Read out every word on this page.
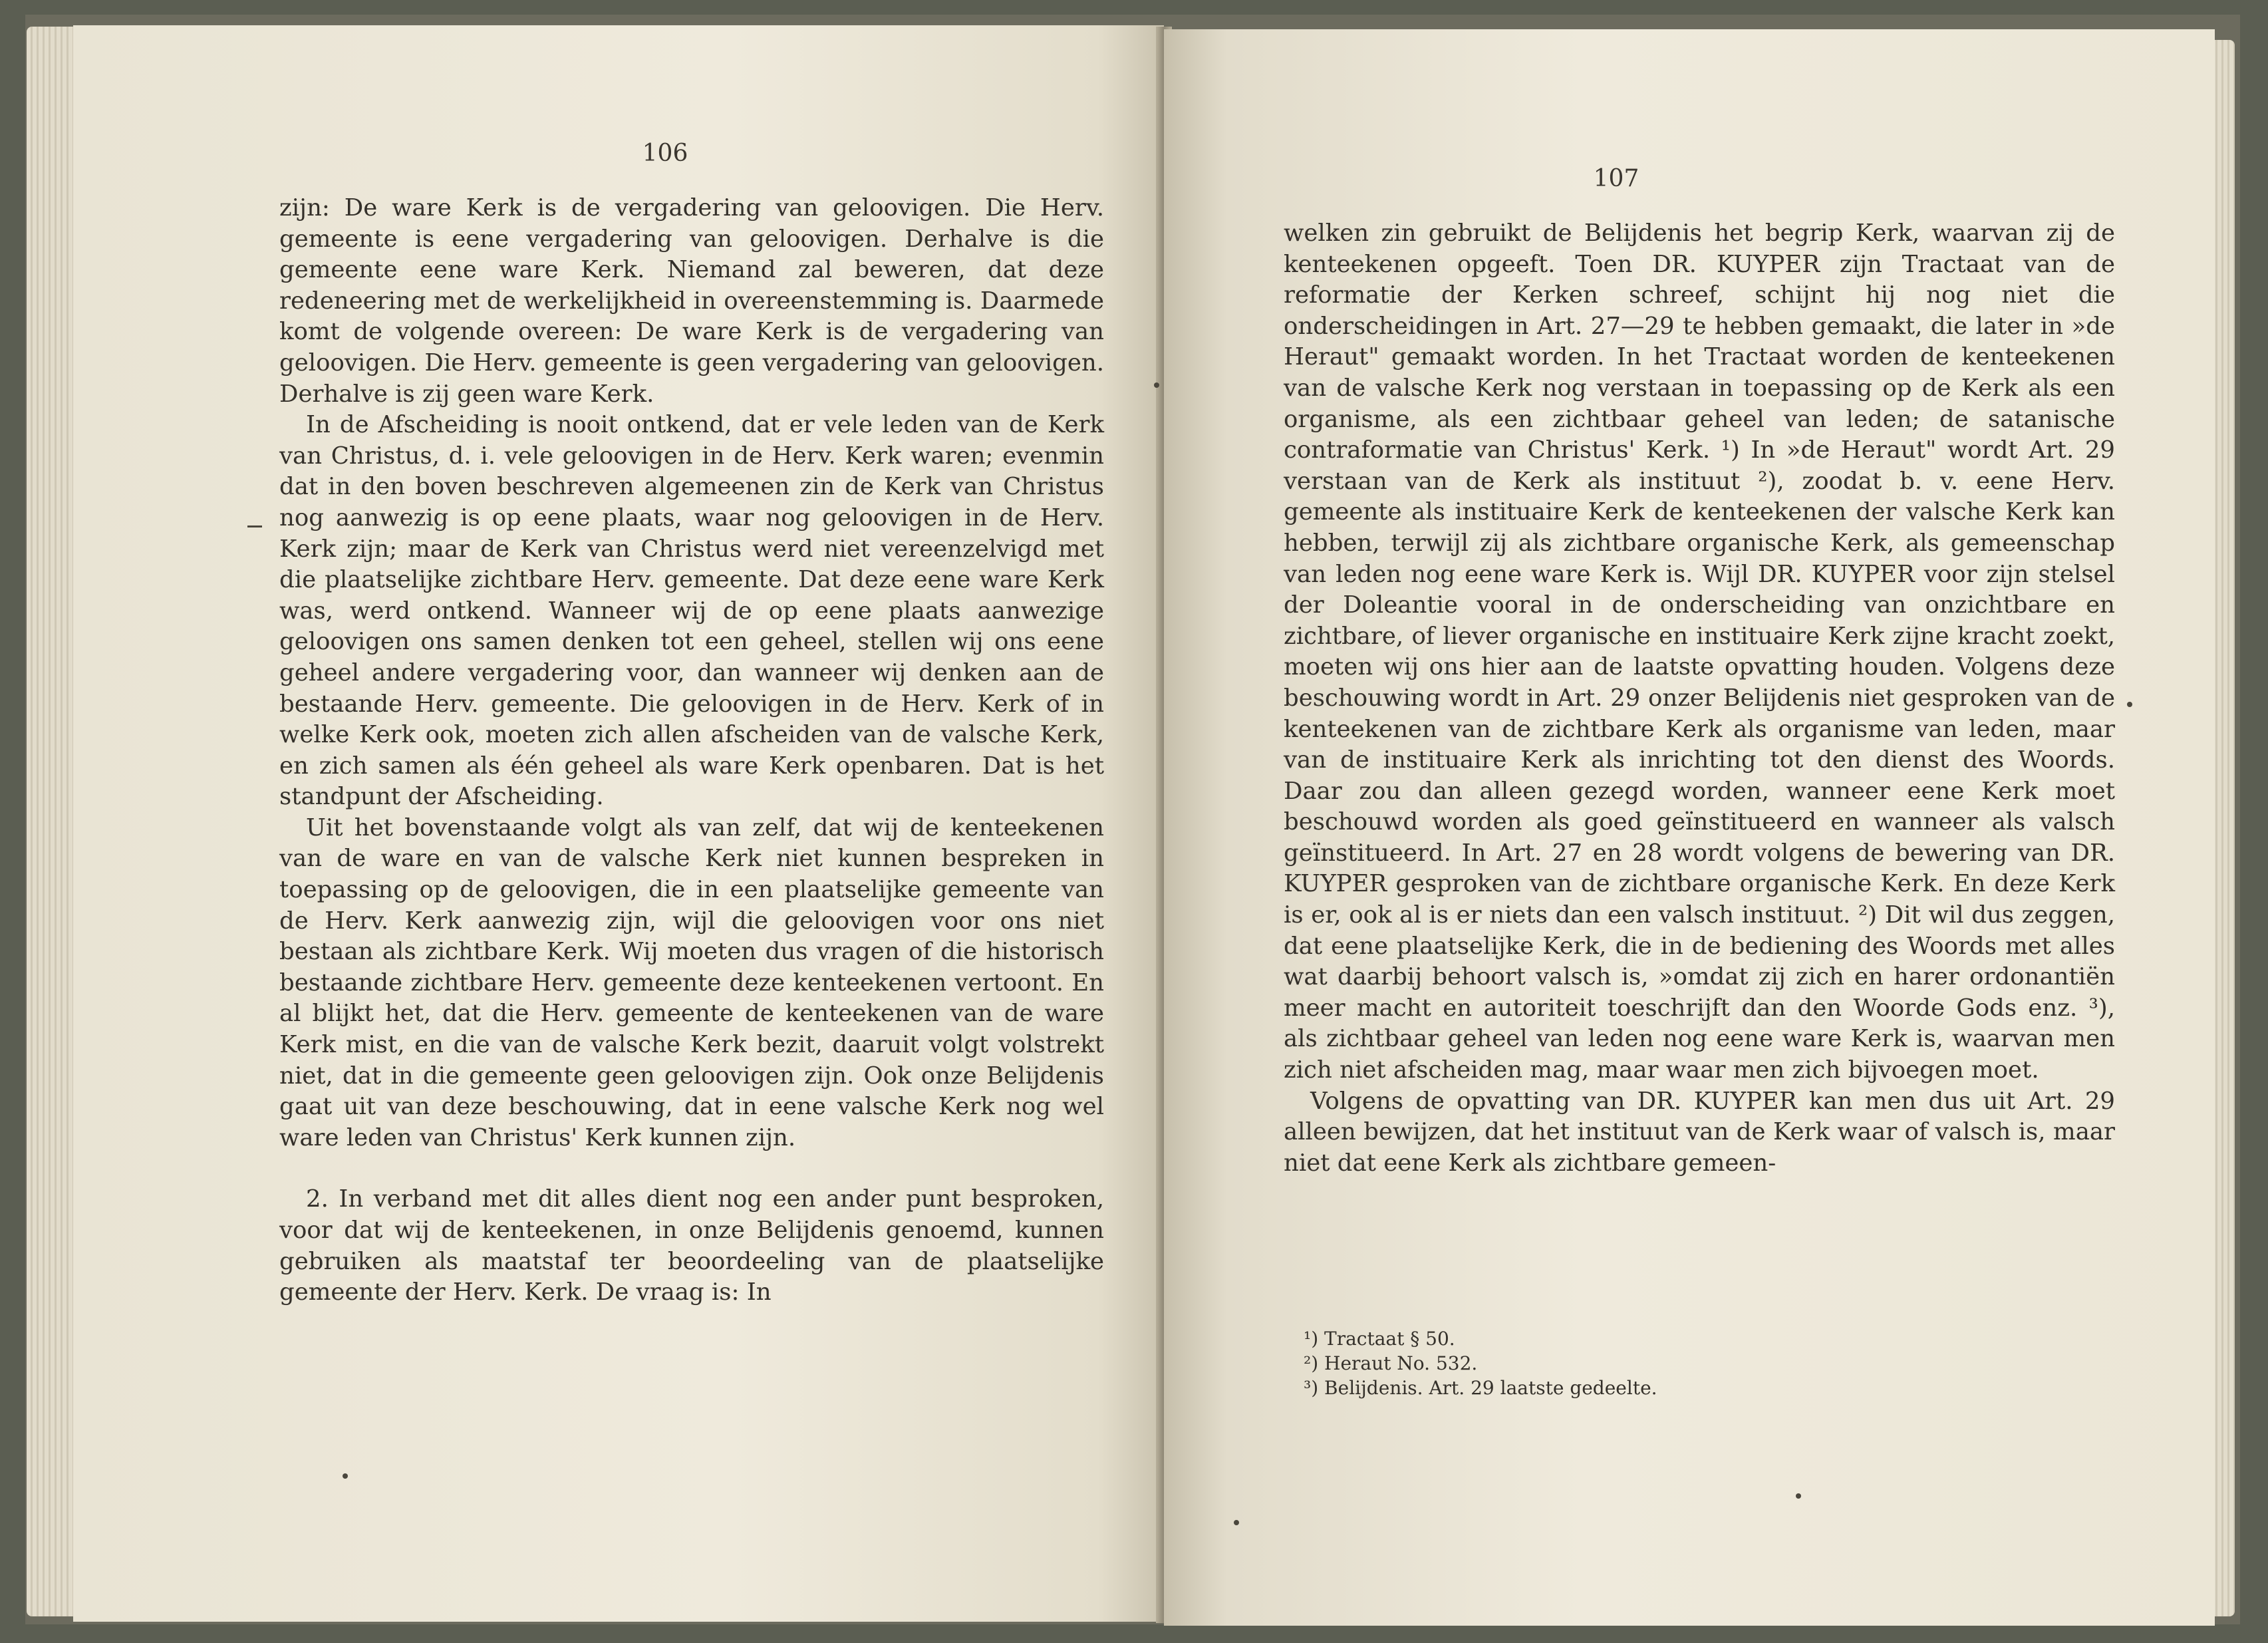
106

zijn: De ware Kerk is de vergadering van geloovigen. Die Herv. gemeente is eene vergadering van geloovigen. Derhalve is die gemeente eene ware Kerk. Niemand zal beweren, dat deze redeneering met de werkelijkheid in overeenstemming is. Daarmede komt de volgende overeen: De ware Kerk is de vergadering van geloovigen. Die Herv. gemeente is geen vergadering van geloovigen. Derhalve is zij geen ware Kerk.

In de Afscheiding is nooit ontkend, dat er vele leden van de Kerk van Christus, d. i. vele geloovigen in de Herv. Kerk waren; evenmin dat in den boven beschreven algemeenen zin de Kerk van Christus nog aanwezig is op eene plaats, waar nog geloovigen in de Herv. Kerk zijn; maar de Kerk van Christus werd niet vereenzelvigd met die plaatselijke zichtbare Herv. gemeente. Dat deze eene ware Kerk was, werd ontkend. Wanneer wij de op eene plaats aanwezige geloovigen ons samen denken tot een geheel, stellen wij ons eene geheel andere vergadering voor, dan wanneer wij denken aan de bestaande Herv. gemeente. Die geloovigen in de Herv. Kerk of in welke Kerk ook, moeten zich allen afscheiden van de valsche Kerk, en zich samen als één geheel als ware Kerk openbaren. Dat is het standpunt der Afscheiding.

Uit het bovenstaande volgt als van zelf, dat wij de kenteekenen van de ware en van de valsche Kerk niet kunnen bespreken in toepassing op de geloovigen, die in een plaatselijke gemeente van de Herv. Kerk aanwezig zijn, wijl die geloovigen voor ons niet bestaan als zichtbare Kerk. Wij moeten dus vragen of die historisch bestaande zichtbare Herv. gemeente deze kenteekenen vertoont. En al blijkt het, dat die Herv. gemeente de kenteekenen van de ware Kerk mist, en die van de valsche Kerk bezit, daaruit volgt volstrekt niet, dat in die gemeente geen geloovigen zijn. Ook onze Belijdenis gaat uit van deze beschouwing, dat in eene valsche Kerk nog wel ware leden van Christus' Kerk kunnen zijn.

2. In verband met dit alles dient nog een ander punt besproken, voor dat wij de kenteekenen, in onze Belijdenis genoemd, kunnen gebruiken als maatstaf ter beoordeeling van de plaatselijke gemeente der Herv. Kerk. De vraag is: In

107

welken zin gebruikt de Belijdenis het begrip Kerk, waarvan zij de kenteekenen opgeeft. Toen DR. KUYPER zijn Tractaat van de reformatie der Kerken schreef, schijnt hij nog niet die onderscheidingen in Art. 27—29 te hebben gemaakt, die later in »de Heraut" gemaakt worden. In het Tractaat worden de kenteekenen van de valsche Kerk nog verstaan in toepassing op de Kerk als een organisme, als een zichtbaar geheel van leden; de satanische contraformatie van Christus' Kerk. ¹) In »de Heraut" wordt Art. 29 verstaan van de Kerk als instituut ²), zoodat b. v. eene Herv. gemeente als instituaire Kerk de kenteekenen der valsche Kerk kan hebben, terwijl zij als zichtbare organische Kerk, als gemeenschap van leden nog eene ware Kerk is. Wijl DR. KUYPER voor zijn stelsel der Doleantie vooral in de onderscheiding van onzichtbare en zichtbare, of liever organische en instituaire Kerk zijne kracht zoekt, moeten wij ons hier aan de laatste opvatting houden. Volgens deze beschouwing wordt in Art. 29 onzer Belijdenis niet gesproken van de kenteekenen van de zichtbare Kerk als organisme van leden, maar van de instituaire Kerk als inrichting tot den dienst des Woords. Daar zou dan alleen gezegd worden, wanneer eene Kerk moet beschouwd worden als goed geïnstitueerd en wanneer als valsch geïnstitueerd. In Art. 27 en 28 wordt volgens de bewering van DR. KUYPER gesproken van de zichtbare organische Kerk. En deze Kerk is er, ook al is er niets dan een valsch instituut. ²) Dit wil dus zeggen, dat eene plaatselijke Kerk, die in de bediening des Woords met alles wat daarbij behoort valsch is, »omdat zij zich en harer ordonantiën meer macht en autoriteit toeschrijft dan den Woorde Gods enz. ³), als zichtbaar geheel van leden nog eene ware Kerk is, waarvan men zich niet afscheiden mag, maar waar men zich bijvoegen moet.

Volgens de opvatting van DR. KUYPER kan men dus uit Art. 29 alleen bewijzen, dat het instituut van de Kerk waar of valsch is, maar niet dat eene Kerk als zichtbare gemeen-

¹) Tractaat § 50.
²) Heraut No. 532.
³) Belijdenis. Art. 29 laatste gedeelte.
